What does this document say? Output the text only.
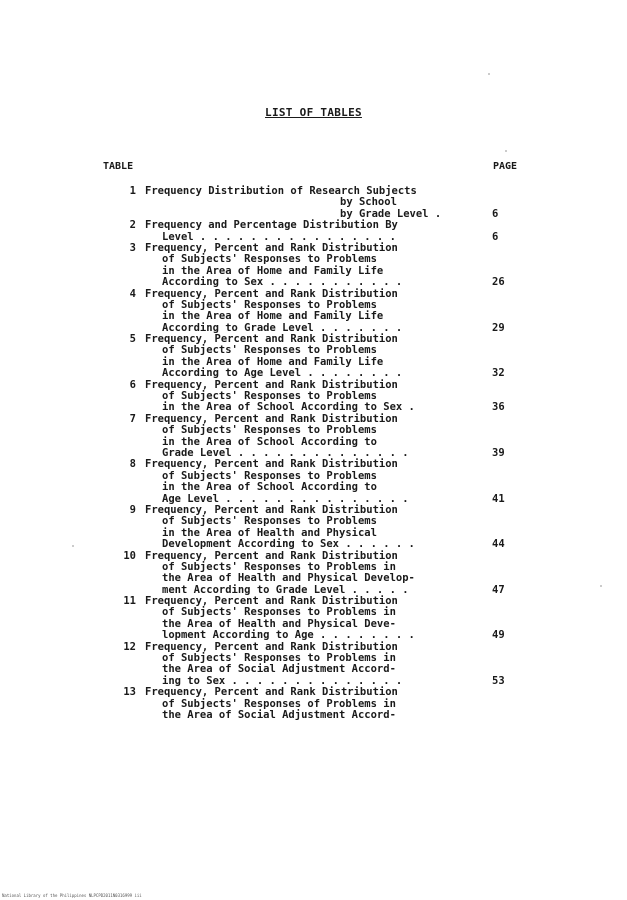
LIST OF TABLES
TABLE	PAGE
1 Frequency Distribution of Research Subjects
by School
by Grade Level .	6
2 Frequency and Percentage Distribution By
Level . . . . . . . . . . . . . . . .	6
3 Frequency, Percent and Rank Distribution
of Subjects' Responses to Problems
in the Area of Home and Family Life
According to Sex . . . . . . . . . . .	26
4 Frequency, Percent and Rank Distribution
of Subjects' Responses to Problems
in the Area of Home and Family Life
According to Grade Level . . . . . . .	29
5 Frequency, Percent and Rank Distribution
of Subjects' Responses to Problems
in the Area of Home and Family Life
According to Age Level . . . . . . . .	32
6 Frequency, Percent and Rank Distribution
of Subjects' Responses to Problems
in the Area of School According to Sex .	36
7 Frequency, Percent and Rank Distribution
of Subjects' Responses to Problems
in the Area of School According to
Grade Level . . . . . . . . . . . . . .	39
8 Frequency, Percent and Rank Distribution
of Subjects' Responses to Problems
in the Area of School According to
Age Level . . . . . . . . . . . . . . .	41
9 Frequency, Percent and Rank Distribution
of Subjects' Responses to Problems
in the Area of Health and Physical
Development According to Sex . . . . . .	44
10 Frequency, Percent and Rank Distribution
of Subjects' Responses to Problems in
the Area of Health and Physical Develop-
ment According to Grade Level . . . . .	47
11 Frequency, Percent and Rank Distribution
of Subjects' Responses to Problems in
the Area of Health and Physical Deve-
lopment According to Age . . . . . . . .	49
12 Frequency, Percent and Rank Distribution
of Subjects' Responses to Problems in
the Area of Social Adjustment Accord-
ing to Sex . . . . . . . . . . . . . .	53
13 Frequency, Percent and Rank Distribution
of Subjects' Responses of Problems in
the Area of Social Adjustment Accord-
National Library of the Philippines NLPCPD2011N0316999 iii
